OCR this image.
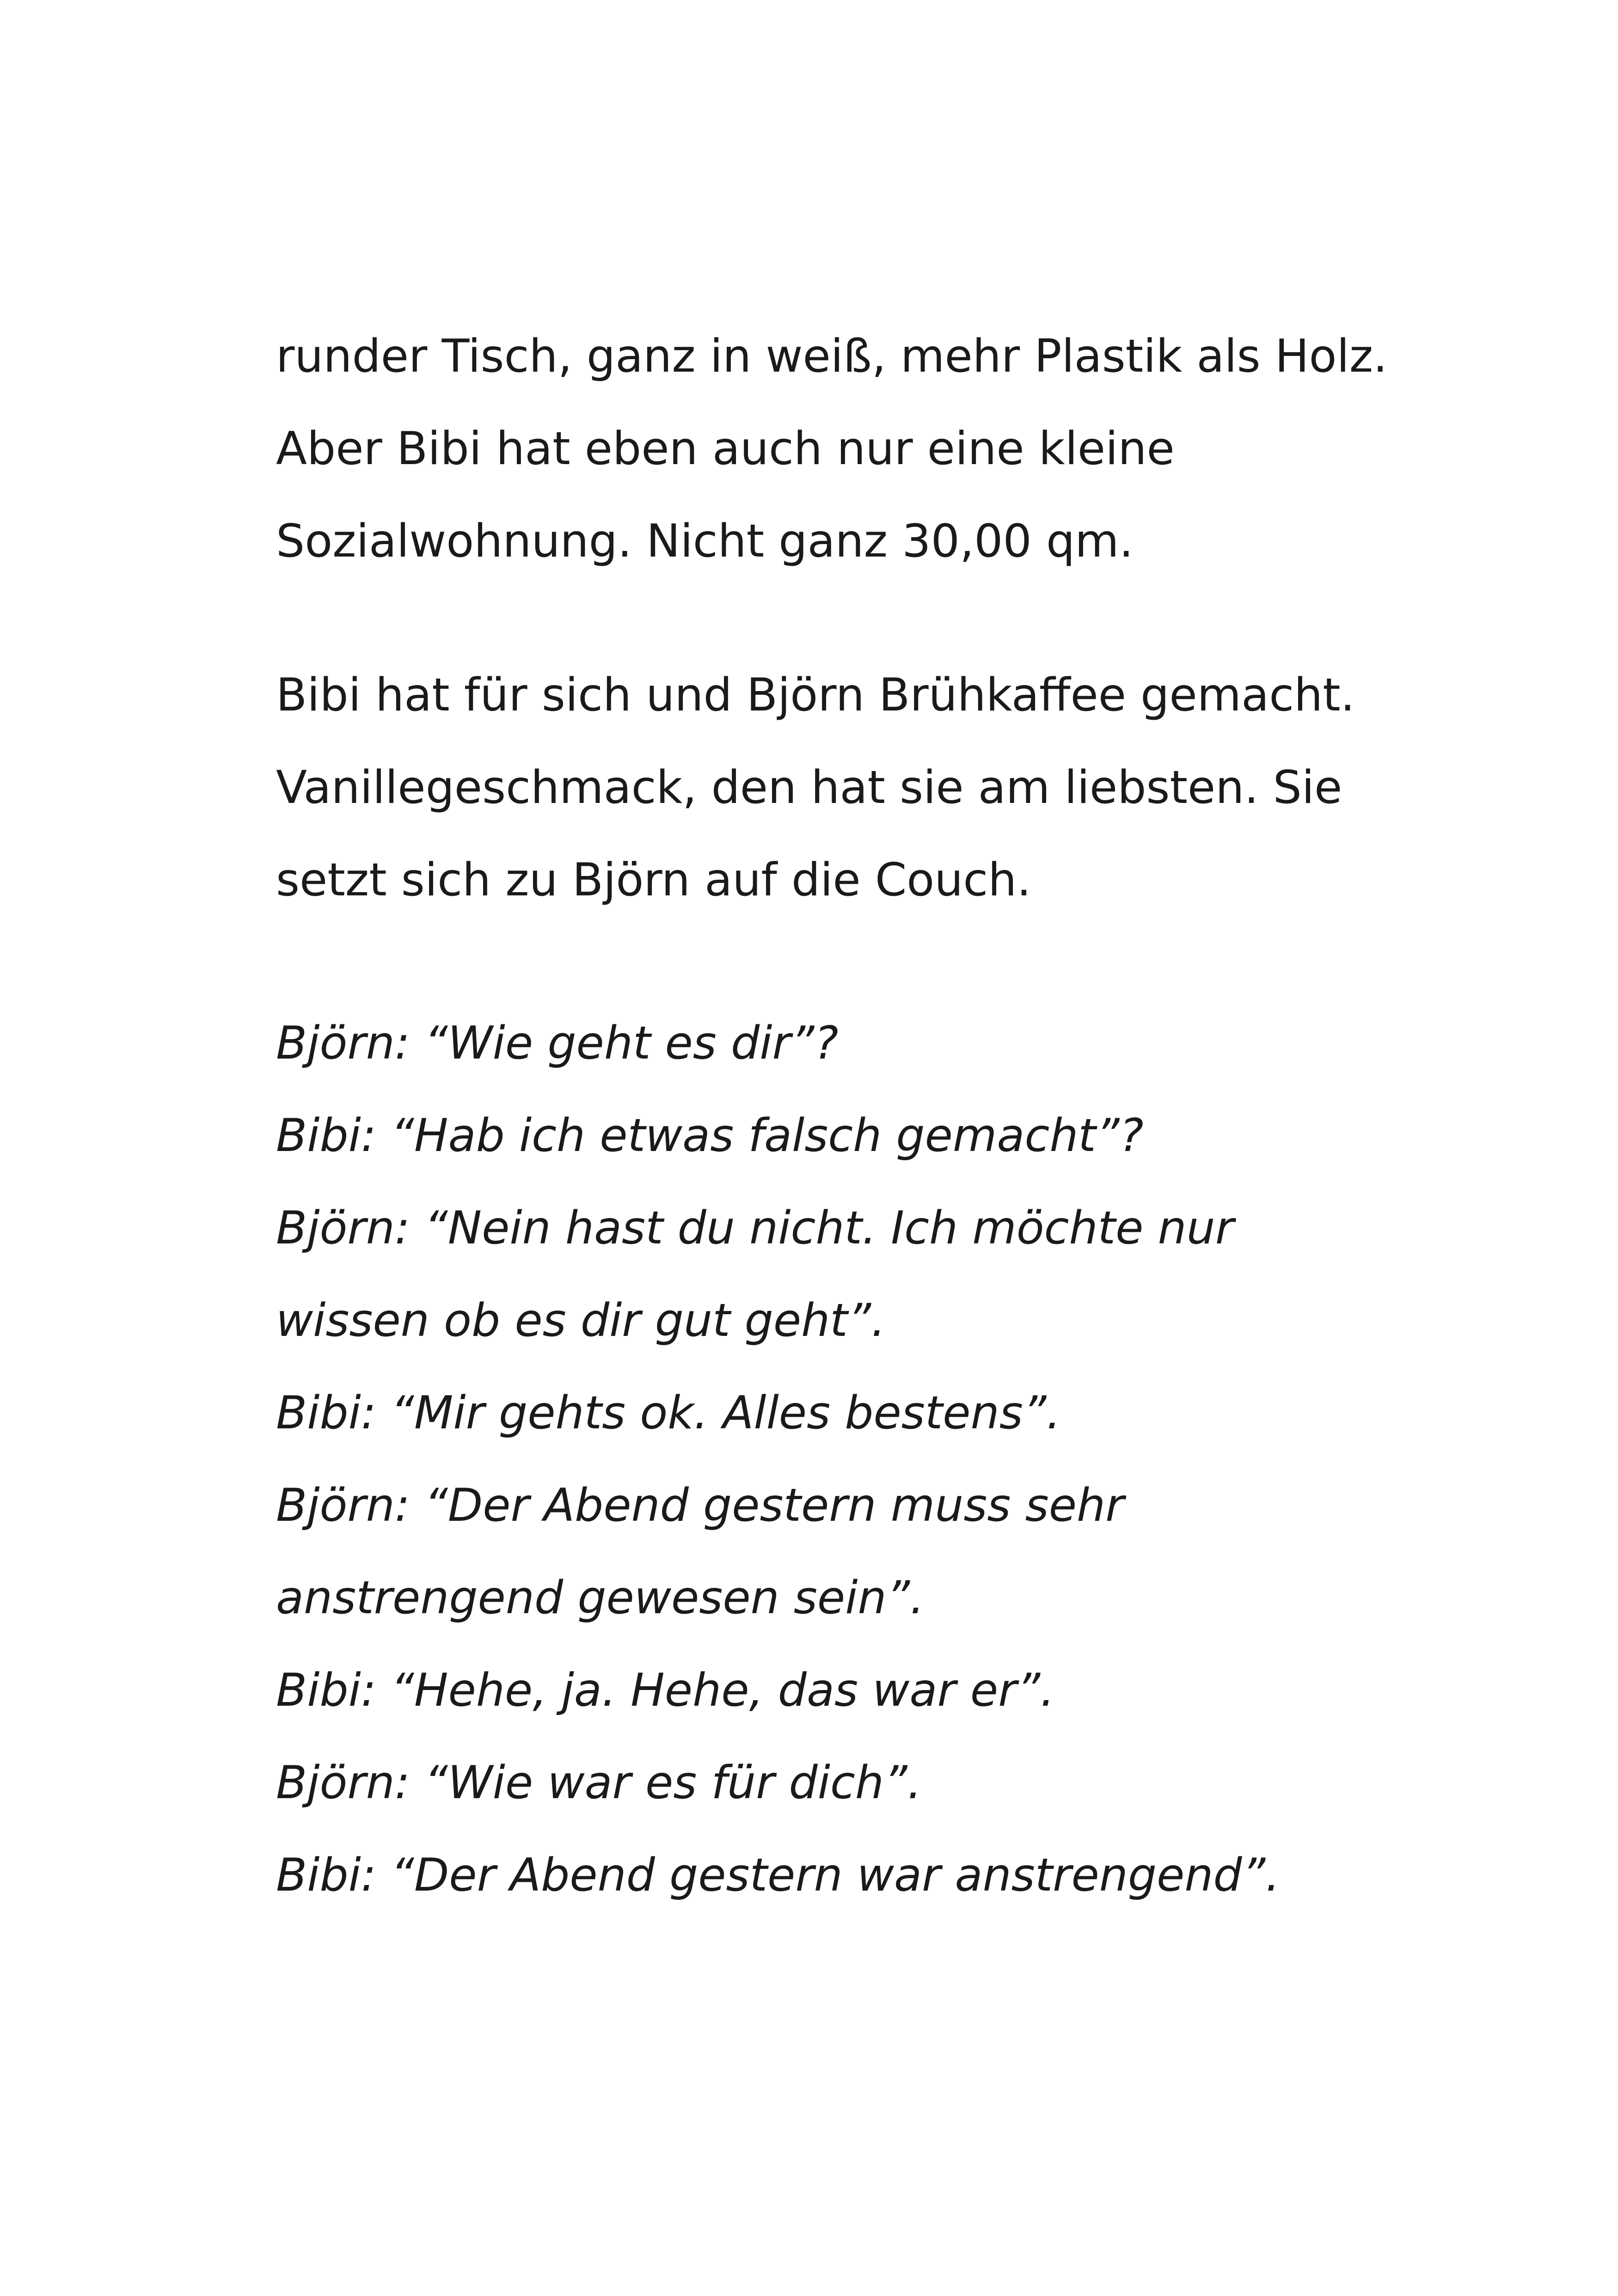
runder Tisch, ganz in weiß, mehr Plastik als Holz.
Aber Bibi hat eben auch nur eine kleine
Sozialwohnung. Nicht ganz 30,00 qm.
Bibi hat für sich und Björn Brühkaffee gemacht.
Vanillegeschmack, den hat sie am liebsten. Sie
setzt sich zu Björn auf die Couch.
Björn: “Wie geht es dir”?
Bibi: “Hab ich etwas falsch gemacht”?
Björn: “Nein hast du nicht. Ich möchte nur
wissen ob es dir gut geht”.
Bibi: “Mir gehts ok. Alles bestens”.
Björn: “Der Abend gestern muss sehr
anstrengend gewesen sein”.
Bibi: “Hehe, ja. Hehe, das war er”.
Björn: “Wie war es für dich”.
Bibi: “Der Abend gestern war anstrengend”.
